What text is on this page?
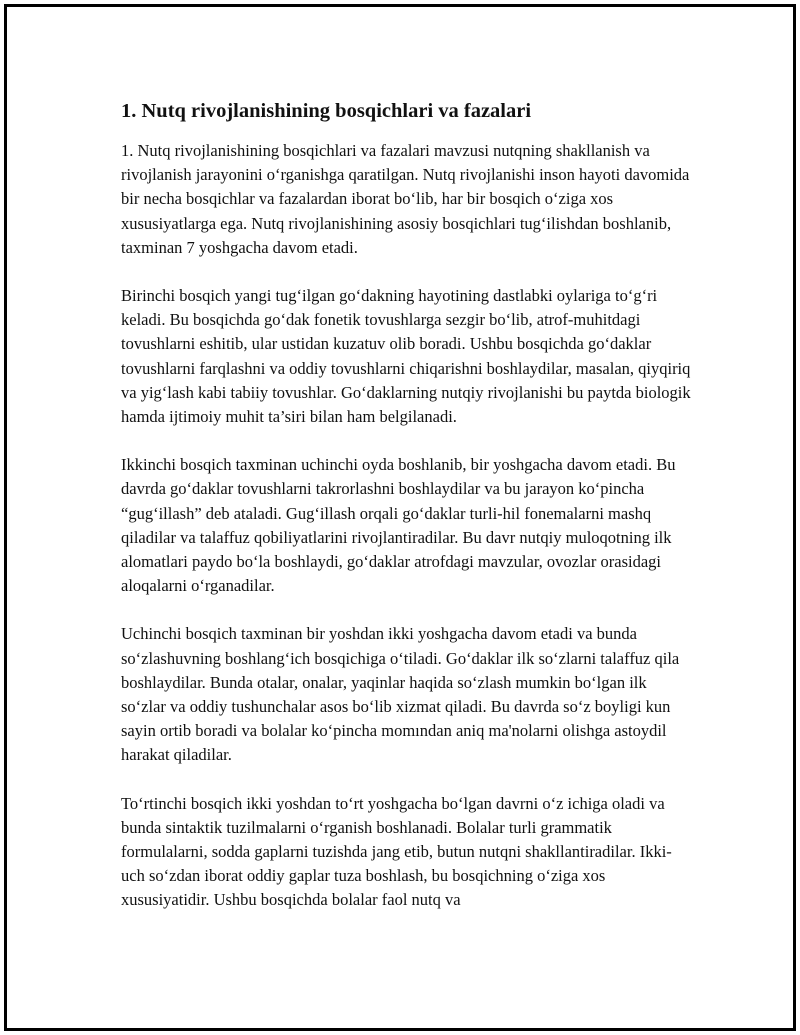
1. Nutq rivojlanishining bosqichlari va fazalari

1. Nutq rivojlanishining bosqichlari va fazalari mavzusi nutqning shakllanish va rivojlanish jarayonini o‘rganishga qaratilgan. Nutq rivojlanishi inson hayoti davomida bir necha bosqichlar va fazalardan iborat bo‘lib, har bir bosqich o‘ziga xos xususiyatlarga ega. Nutq rivojlanishining asosiy bosqichlari tug‘ilishdan boshlanib, taxminan 7 yoshgacha davom etadi.

Birinchi bosqich yangi tug‘ilgan go‘dakning hayotining dastlabki oylariga to‘g‘ri keladi. Bu bosqichda go‘dak fonetik tovushlarga sezgir bo‘lib, atrof-muhitdagi tovushlarni eshitib, ular ustidan kuzatuv olib boradi. Ushbu bosqichda go‘daklar tovushlarni farqlashni va oddiy tovushlarni chiqarishni boshlaydilar, masalan, qiyqiriq va yig‘lash kabi tabiiy tovushlar. Go‘daklarning nutqiy rivojlanishi bu paytda biologik hamda ijtimoiy muhit ta’siri bilan ham belgilanadi.

Ikkinchi bosqich taxminan uchinchi oyda boshlanib, bir yoshgacha davom etadi. Bu davrda go‘daklar tovushlarni takrorlashni boshlaydilar va bu jarayon ko‘pincha “gug‘illash” deb ataladi. Gug‘illash orqali go‘daklar turli-hil fonemalarni mashq qiladilar va talaffuz qobiliyatlarini rivojlantiradilar. Bu davr nutqiy muloqotning ilk alomatlari paydo bo‘la boshlaydi, go‘daklar atrofdagi mavzular, ovozlar orasidagi aloqalarni o‘rganadilar.

Uchinchi bosqich taxminan bir yoshdan ikki yoshgacha davom etadi va bunda so‘zlashuvning boshlang‘ich bosqichiga o‘tiladi. Go‘daklar ilk so‘zlarni talaffuz qila boshlaydilar. Bunda otalar, onalar, yaqinlar haqida so‘zlash mumkin bo‘lgan ilk so‘zlar va oddiy tushunchalar asos bo‘lib xizmat qiladi. Bu davrda so‘z boyligi kun sayin ortib boradi va bolalar ko‘pincha momından aniq ma'nolarni olishga astoydil harakat qiladilar.

To‘rtinchi bosqich ikki yoshdan to‘rt yoshgacha bo‘lgan davrni o‘z ichiga oladi va bunda sintaktik tuzilmalarni o‘rganish boshlanadi. Bolalar turli grammatik formulalarni, sodda gaplarni tuzishda jang etib, butun nutqni shakllantiradilar. Ikki-uch so‘zdan iborat oddiy gaplar tuza boshlash, bu bosqichning o‘ziga xos xususiyatidir. Ushbu bosqichda bolalar faol nutq va
